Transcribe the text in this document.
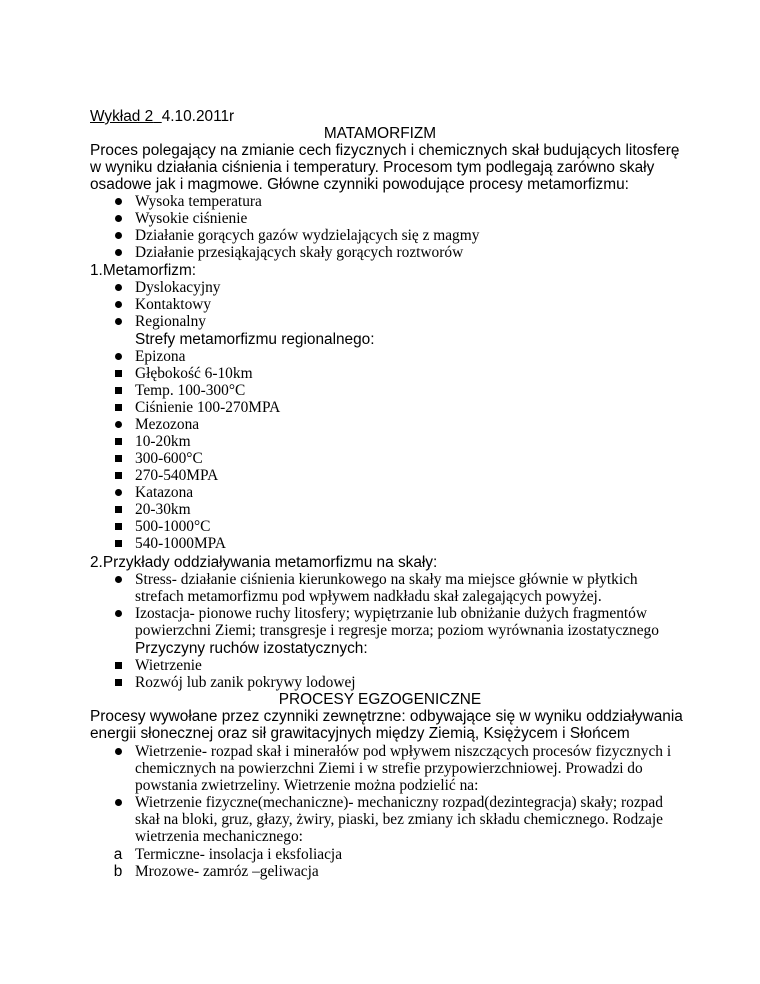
Wykład 2 4.10.2011r
MATAMORFIZM
Proces polegający na zmianie cech fizycznych i chemicznych skał budujących litosferę
w wyniku działania ciśnienia i temperatury. Procesom tym podlegają zarówno skały
osadowe jak i magmowe. Główne czynniki powodujące procesy metamorfizmu:
Wysoka temperatura
Wysokie ciśnienie
Działanie gorących gazów wydzielających się z magmy
Działanie przesiąkających skały gorących roztworów
1.Metamorfizm:
Dyslokacyjny
Kontaktowy
Regionalny
Strefy metamorfizmu regionalnego:
Epizona
Głębokość 6-10km
Temp. 100-300°C
Ciśnienie 100-270MPA
Mezozona
10-20km
300-600°C
270-540MPA
Katazona
20-30km
500-1000°C
540-1000MPA
2.Przykłady oddziaływania metamorfizmu na skały:
Stress- działanie ciśnienia kierunkowego na skały ma miejsce głównie w płytkich
strefach metamorfizmu pod wpływem nadkładu skał zalegających powyżej.
Izostacja- pionowe ruchy litosfery; wypiętrzanie lub obniżanie dużych fragmentów
powierzchni Ziemi; transgresje i regresje morza; poziom wyrównania izostatycznego
Przyczyny ruchów izostatycznych:
Wietrzenie
Rozwój lub zanik pokrywy lodowej
PROCESY EGZOGENICZNE
Procesy wywołane przez czynniki zewnętrzne: odbywające się w wyniku oddziaływania
energii słonecznej oraz sił grawitacyjnych między Ziemią, Księżycem i Słońcem
Wietrzenie- rozpad skał i minerałów pod wpływem niszczących procesów fizycznych i
chemicznych na powierzchni Ziemi i w strefie przypowierzchniowej. Prowadzi do
powstania zwietrzeliny. Wietrzenie można podzielić na:
Wietrzenie fizyczne(mechaniczne)- mechaniczny rozpad(dezintegracja) skały; rozpad
skał na bloki, gruz, głazy, żwiry, piaski, bez zmiany ich składu chemicznego. Rodzaje
wietrzenia mechanicznego:
a Termiczne- insolacja i eksfoliacja
b Mrozowe- zamróz –geliwacja
